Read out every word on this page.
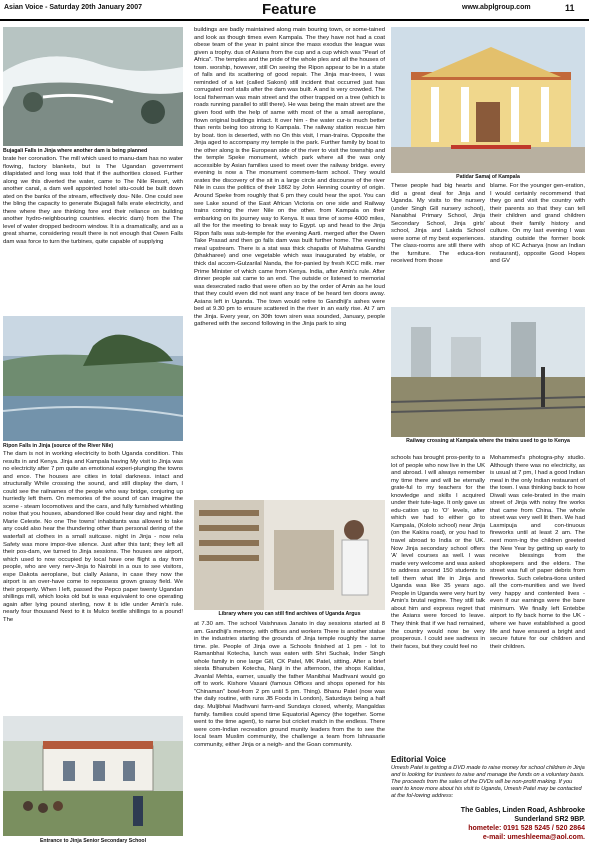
Asian Voice - Saturday 20th January 2007	Feature	www.abplgroup.com	11
Bujagali Falls in Jinja where another dam is being planned

brate her coronation. The mill which used to manu-dam has no water flowing, factory blankets, but is The Ugandan government dilapidated and long was told that if the authorities closed. Further along we this diverted the water, came to The Nile Resort, with another canal, a dam well appointed hotel situ-could be built down ated on the banks of the stream, effectively dou- Nile. One could see the bling the capacity to generate Bujagali falls erate electricity, and there where they are thinking fore end their reliance on building another hydro-neighbouring countries. electric dam) from the The level of water dropped bedroom window. It is a dramatically, and as a great shame, considering result there is not enough that Owen Falls dam was force to turn the turbines, quite capable of supplying

Ripon Falls in Jinja (source of the River Nile)

The dam is not in working electricity to both Uganda condition. This results in and Kenya. Jinja and Kampala having My visit to Jinja was no electricity after 7 pm quite an emotional experi-plunging the towns and ence. The houses are cities in total darkness. intact and structurally While crossing the sound, and still display the dam, I could see the railnames of the people who way bridge, conjuring up hurriedly left them. On memories of the sound of can imagine the scene - steam locomotives and the cars, and fully furnished whistling noise that you houses, abandoned like could hear day and night. the Marie Celeste. No one The towns' inhabitants was allowed to take any could also hear the thundering other than personal dering of the waterfall at clothes in a small suitcase. night in Jinja - now rela Safety was more impor-tive silence. Just after this tant; they left all their pos-dam, we turned to Jinja sessions. The houses are airport, which used to now occupied by local have one flight a day from people, who are very nerv-Jinja to Nairobi in a ous to see visitors, espe Dakota aeroplane, but cially Asians, in case they now the airport is an over-have come to repossess grown grassy field. We their property. When I left, passed the Pepco paper twenty Ugandan shillings mill, which looks old but is was equivalent to one operating again after lying pound sterling, now it is idle under Amin's rule. nearly four thousand Next to it is Mulco textile shillings to a pound! The

Entrance to Jinja Senior Secondary School

buildings are badly maintained along main bouring town, or some-tained and look as though times even Kampala. The they have not had a coat obese team of the year in paint since the mass exodus the league was given a trophy. dus of Asians from the cup and a cup which was "Pearl of Africa". The temples and the pride of the whole ples and all the houses of town. worship, however, still On seeing the Ripon appear to be in a state of falls and its scattering of good repair. The Jinja mar-trees, I was reminded of a ket (called Sakoni) still incident that occurred just has corrugated roof stalls after the dam was built. A and is very crowded. The local fisherman was main street and the other trapped on a tree (which is roads running parallel to still there). He was being the main street are the given food with the help of same with most of the a small aeroplane, flown original buildings intact. It over him - the water cur-is much better than rents being too strong to Kampala. The railway station rescue him by boat. tion is deserted, with no On this visit, I man-trains. Opposite the Jinja aged to accompany my temple is the park. Further family by boat to the other along is the European side of the river to visit the township and the temple Speke monument, which park where all the was only accessible by Asian families used to meet over the railway bridge. every evening is now a The monument commem-farm school. They would orates the discovery of the sit in a large circle and discourse of the river Nile in cuss the politics of their 1862 by John Henning country of origin. Around Speke from roughly that 6 pm they could hear the spot. You can see Lake sound of the East African Victoria on one side and Railway trains coming the river Nile on the other. from Kampala on their embarking on its journey way to Kenya. It was time of some 4000 miles, all the for the meeting to break way to Egypt. up and head to the Jinja Ripon falls was sub-temple for the evening Aarti. merged after the Owen Take Prasad and then go falls dam was built further home. The evening meal upstream. There is a stat was thick chapatis of Mahatma Gandhi (bhakharee) and one vegetable which was inaugurated by etable, or thick dal accom-Gulzarilal Nanda, the for-panied by fresh KCC milk. mer Prime Minister of which came from Kenya. India, after Amin's rule. After dinner people sat came to an end. The outside or listened to memorial was desecrated radio that were often so by the order of Amin as he loud that they could even did not want any trace of be heard ten doors away. Asians left in Uganda. The town would retire to Gandhiji's ashes were bed at 9.30 pm to ensure scattered in the river in an early rise. At 7 am the Jinja. Every year, on 30th town siren was sounded, January, people gathered with the second following in the Jinja park to sing

Library where you can still find archives of Uganda Argus

at 7.30 am. The school Vaishnava Janato in day sessions started at 8 am. Gandhiji's memory. with offices and workers There is another statue in the industries starting the grounds of Jinja temple roughly the same time. ple. People of Jinja owe a Schools finished at 1 pm - lot to Ramanbhai Kotecha, lunch was eaten with Shri Suchak, Inder Singh whole family in one large Gill, CK Patel, MK Patel, sitting. After a brief siesta Bhanuben Kotecha, Nanji in the afternoon, the shops Kalidas, Jivanlal Mehta, earner, usually the father Manibhai Madhvani would go off to work. Kishore Vasani (famous Offices and shops opened for his "Chinaman" bowl-from 2 pm until 5 pm. Thing). Bhanu Patel (now was the daily routine, with runs JB Foods in London), Saturdays being a half day. Muljibhai Madhvani farm-and Sundays closed, whenly, Mangaldas family. families could spend time Equatorial Agency (the together. Some went to the time agent), to name but cricket match in the endless. There were com-Indian recreation ground munity leaders from the to see the local team Muslim community, the challenge a team from Ishnasarie community, either Jinja or a neigh- and the Goan community.

Patidar Samaj of Kampala

These people had big hearts and did a great deal for Jinja and Uganda. My visits to the nursery (under Singh Gill nursery school), Nanabhai Primary School, Jinja Secondary School, Jinja girls' school, Jinja and Lakda School were some of my best experiences. The class-rooms are still there with the furniture. The educa-tion received from those

blame. For the younger gen-eration, I would certainly recommend that they go and visit the country with their parents so that they can tell their children and grand children about their family history and culture. On my last evening I was standing outside the former book shop of KC Acharya (now an Indian restaurant), opposite Good Hopes and GV

Railway crossing at Kampala where the trains used to go to Kenya

schools has brought pros-perity to a lot of people who now live in the UK and abroad. I will always remember my time there and will be eternally grate-ful to my teachers for the knowledge and skills I acquired under their tute-lage. It only gave us edu-cation up to 'O' levels, after which we had to either go to Kampala, (Kololo school) near Jinja (on the Kakira road), or you had to travel abroad to India or the UK. Now Jinja secondary school offers 'A' level courses as well. I was made very welcome and was asked to address around 150 students to tell them what life in Jinja and Uganda was like 35 years ago. People in Uganda were very hurt by Amin's brutal regime. They still talk about him and express regret that the Asians were forced to leave. They think that if we had remained, the country would now be very prosperous. I could see sadness in their faces, but they could feel no

Mohammed's photogra-phy studio. Although there was no electricity, as is usual at 7 pm, I had a good Indian meal in the only Indian restaurant of the town. I was thinking back to how Diwali was cele-brated in the main street of Jinja with noisy fire works that came from China. The whole street was very well lit then. We had Laxmipuja and con-tinuous fireworks until at least 2 am. The next morn-ing the children greeted the New Year by getting up early to receive blessings from the shopkeepers and the elders. The street was full of paper debris from fireworks. Such celebra-tions united all the com-munities and we lived very happy and contented lives - even if our earnings were the bare minimum. We finally left Entebbe airport to fly back home to the UK - where we have established a good life and have ensured a bright and secure future for our children and their children.

Editorial Voice
Umesh Patel is getting a DVD made to raise money for school children in Jinja and is looking for trustees to raise and manage the funds on a voluntary basis. The proceeds from the sales of the DVDs will be non-profit making. If you want to know more about his visit to Uganda, Umesh Patel may be contacted at the fol-lowing address:
The Gables, Linden Road, Ashbrooke
Sunderland SR2 9BP.
hometele: 0191 528 5245 / 520 2864
e-mail: umeshleema@aol.com.
